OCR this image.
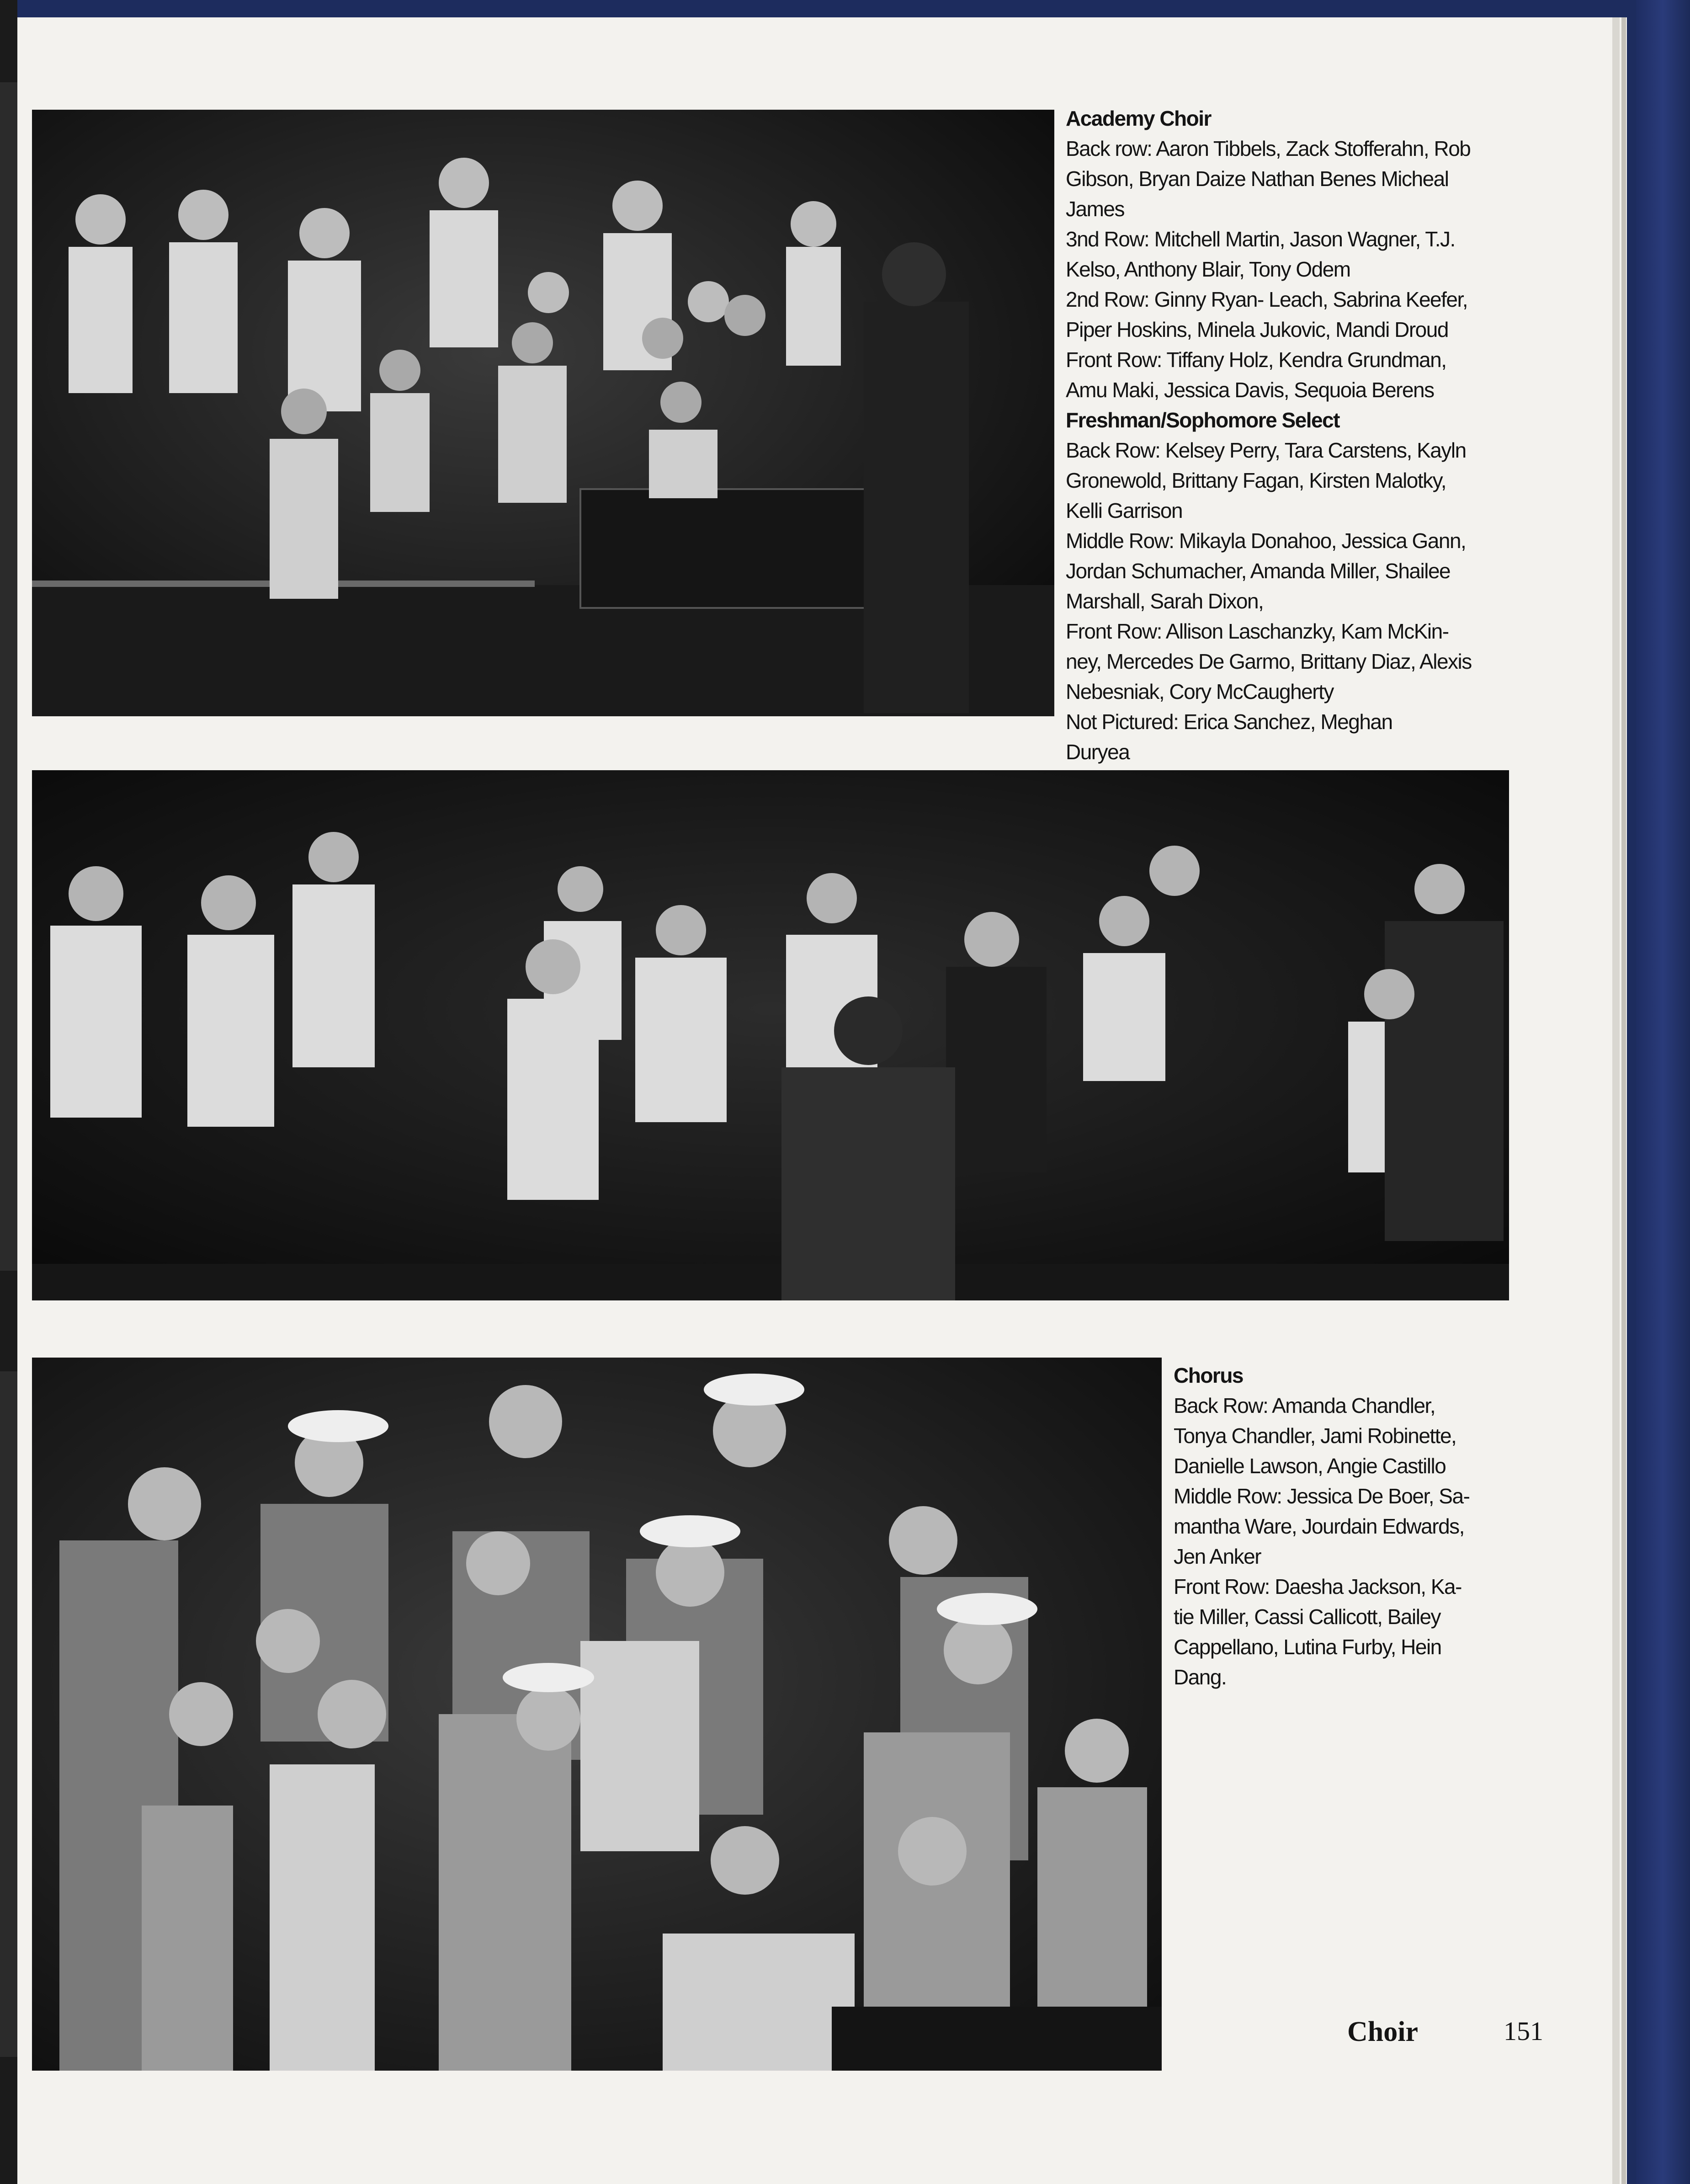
Academy Choir
Back row: Aaron Tibbels, Zack Stofferahn, Rob
Gibson, Bryan Daize Nathan Benes Micheal
James
3nd Row: Mitchell Martin, Jason Wagner, T.J.
Kelso, Anthony Blair, Tony Odem
2nd Row: Ginny Ryan- Leach, Sabrina Keefer,
Piper Hoskins, Minela Jukovic, Mandi Droud
Front Row: Tiffany Holz, Kendra Grundman,
Amu Maki, Jessica Davis, Sequoia Berens
Freshman/Sophomore Select
Back Row: Kelsey Perry, Tara Carstens, Kayln
Gronewold, Brittany Fagan, Kirsten Malotky,
Kelli Garrison
Middle Row: Mikayla Donahoo, Jessica Gann,
Jordan Schumacher, Amanda Miller, Shailee
Marshall, Sarah Dixon,
Front Row: Allison Laschanzky, Kam McKin-
ney, Mercedes De Garmo, Brittany Diaz, Alexis
Nebesniak, Cory McCaugherty
Not Pictured: Erica Sanchez, Meghan
Duryea
Chorus
Back Row: Amanda Chandler,
Tonya Chandler, Jami Robinette,
Danielle Lawson, Angie Castillo
Middle Row: Jessica De Boer, Sa-
mantha Ware, Jourdain Edwards,
Jen Anker
Front Row: Daesha Jackson, Ka-
tie Miller, Cassi Callicott, Bailey
Cappellano, Lutina Furby, Hein
Dang.
Choir	151
